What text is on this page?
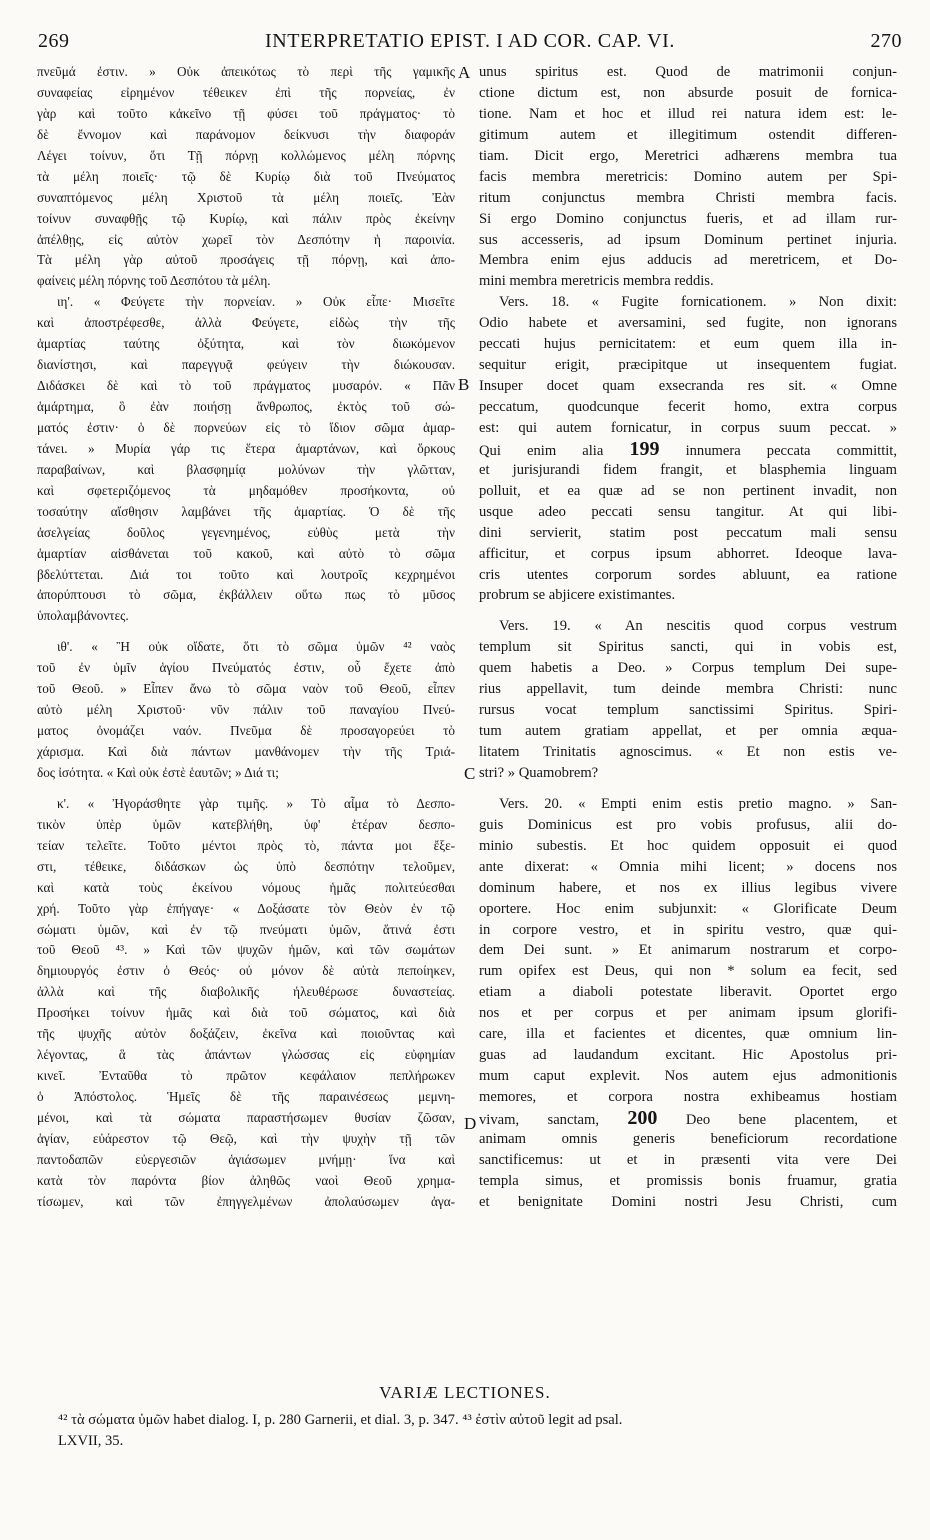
269	INTERPRETATIO EPIST. I AD COR. CAP. VI.	270
πνεῦμά ἐστιν. » Οὐκ ἀπεικότως τὸ περὶ τῆς γαμικῆς
συναφείας εἰρημένον τέθεικεν ἐπὶ τῆς πορνείας, ἐν
γὰρ καὶ τοῦτο κἀκεῖνο τῇ φύσει τοῦ πράγματος· τὸ
δὲ ἔννομον καὶ παράνομον δείκνυσι τὴν διαφοράν
Λέγει τοίνυν, ὅτι Τῇ πόρνῃ κολλώμενος μέλη πόρνης
τὰ μέλη ποιεῖς· τῷ δὲ Κυρίῳ διὰ τοῦ Πνεύματος
συναπτόμενος μέλη Χριστοῦ τὰ μέλη ποιεῖς. Ἐὰν
τοίνυν συναφθῇς τῷ Κυρίῳ, καὶ πάλιν πρὸς ἐκείνην
ἀπέλθῃς, εἰς αὐτὸν χωρεῖ τὸν Δεσπότην ἡ παροινία.
Τὰ μέλη γὰρ αὐτοῦ προσάγεις τῇ πόρνῃ, καὶ ἀπο-
φαίνεις μέλη πόρνης τοῦ Δεσπότου τὰ μέλη.
ιη'. « Φεύγετε τὴν πορνείαν. » Οὐκ εἶπε· Μισεῖτε
καὶ ἀποστρέφεσθε, ἀλλὰ Φεύγετε, εἰδὼς τὴν τῆς
ἁμαρτίας ταύτης ὀξύτητα, καὶ τὸν διωκόμενον
διανίστησι, καὶ παρεγγυᾷ φεύγειν τὴν διώκουσαν.
Διδάσκει δὲ καὶ τὸ τοῦ πράγματος μυσαρόν. « Πᾶν
ἁμάρτημα, ὃ ἐὰν ποιήσῃ ἄνθρωπος, ἐκτὸς τοῦ σώ-
ματός ἐστιν· ὁ δὲ πορνεύων εἰς τὸ ἴδιον σῶμα ἁμαρ-
τάνει. » Μυρία γάρ τις ἕτερα ἁμαρτάνων, καὶ ὅρκους
παραβαίνων, καὶ βλασφημίᾳ μολύνων τὴν γλῶτταν,
καὶ σφετεριζόμενος τὰ μηδαμόθεν προσήκοντα, οὐ
τοσαύτην αἴσθησιν λαμβάνει τῆς ἁμαρτίας. Ὁ δὲ τῆς
ἀσελγείας δοῦλος γεγενημένος, εὐθὺς μετὰ τὴν
ἁμαρτίαν αἰσθάνεται τοῦ κακοῦ, καὶ αὐτὸ τὸ σῶμα
βδελύττεται. Διά τοι τοῦτο καὶ λουτροῖς κεχρημένοι
ἀπορύπτουσι τὸ σῶμα, ἐκβάλλειν οὕτω πως τὸ μῦσος
ὑπολαμβάνοντες.
ιθ'. « Ἢ οὐκ οἴδατε, ὅτι τὸ σῶμα ὑμῶν ⁴² ναὸς
τοῦ ἐν ὑμῖν ἁγίου Πνεύματός ἐστιν, οὗ ἔχετε ἀπὸ
τοῦ Θεοῦ. » Εἶπεν ἄνω τὸ σῶμα ναὸν τοῦ Θεοῦ, εἶπεν
αὐτὸ μέλη Χριστοῦ· νῦν πάλιν τοῦ παναγίου Πνεύ-
ματος ὀνομάζει ναόν. Πνεῦμα δὲ προσαγορεύει τὸ
χάρισμα. Καὶ διὰ πάντων μανθάνομεν τὴν τῆς Τριά-
δος ἰσότητα. « Καὶ οὐκ ἐστὲ ἑαυτῶν; » Διά τι;
κ'. « Ἠγοράσθητε γὰρ τιμῆς. » Τὸ αἷμα τὸ Δεσπο-
τικὸν ὑπὲρ ὑμῶν κατεβλήθη, ὑφ' ἑτέραν δεσπο-
τείαν τελεῖτε. Τοῦτο μέντοι πρὸς τὸ, πάντα μοι ἔξε-
στι, τέθεικε, διδάσκων ὡς ὑπὸ δεσπότην τελοῦμεν,
καὶ κατὰ τοὺς ἐκείνου νόμους ἡμᾶς πολιτεύεσθαι
χρή. Τοῦτο γὰρ ἐπήγαγε· « Δοξάσατε τὸν Θεὸν ἐν τῷ
σώματι ὑμῶν, καὶ ἐν τῷ πνεύματι ὑμῶν, ἅτινά ἐστι
τοῦ Θεοῦ ⁴³. » Καὶ τῶν ψυχῶν ἡμῶν, καὶ τῶν σωμάτων
δημιουργός ἐστιν ὁ Θεός· οὐ μόνον δὲ αὐτὰ πεποίηκεν,
ἀλλὰ καὶ τῆς διαβολικῆς ἠλευθέρωσε δυναστείας.
Προσήκει τοίνυν ἡμᾶς καὶ διὰ τοῦ σώματος, καὶ διὰ
τῆς ψυχῆς αὐτὸν δοξάζειν, ἐκεῖνα καὶ ποιοῦντας καὶ
λέγοντας, ἃ τὰς ἁπάντων γλώσσας εἰς εὐφημίαν
κινεῖ. Ἐνταῦθα τὸ πρῶτον κεφάλαιον πεπλήρωκεν
ὁ Ἀπόστολος. Ἡμεῖς δὲ τῆς παραινέσεως μεμνη-
μένοι, καὶ τὰ σώματα παραστήσωμεν θυσίαν ζῶσαν,
ἁγίαν, εὐάρεστον τῷ Θεῷ, καὶ τὴν ψυχὴν τῇ τῶν
παντοδαπῶν εὐεργεσιῶν ἁγιάσωμεν μνήμῃ· ἵνα καὶ
κατὰ τὸν παρόντα βίον ἀληθῶς ναοὶ Θεοῦ χρημα-
τίσωμεν, καὶ τῶν ἐπηγγελμένων ἀπολαύσωμεν ἀγα-
unus spiritus est. Quod de matrimonii conjun-
ctione dictum est, non absurde posuit de fornica-
tione. Nam et hoc et illud rei natura idem est: le-
gitimum autem et illegitimum ostendit differen-
tiam. Dicit ergo, Meretrici adhærens membra tua
facis membra meretricis: Domino autem per Spi-
ritum conjunctus membra Christi membra facis.
Si ergo Domino conjunctus fueris, et ad illam rur-
sus accesseris, ad ipsum Dominum pertinet injuria.
Membra enim ejus adducis ad meretricem, et Do-
mini membra meretricis membra reddis.
Vers. 18. « Fugite fornicationem. » Non dixit:
Odio habete et aversamini, sed fugite, non ignorans
peccati hujus pernicitatem: et eum quem illa in-
sequitur erigit, præcipitque ut insequentem fugiat.
Insuper docet quam exsecranda res sit. « Omne
peccatum, quodcunque fecerit homo, extra corpus
est: qui autem fornicatur, in corpus suum peccat. »
Qui enim alia 199 innumera peccata committit,
et jurisjurandi fidem frangit, et blasphemia linguam
polluit, et ea quæ ad se non pertinent invadit, non
usque adeo peccati sensu tangitur. At qui libi-
dini servierit, statim post peccatum mali sensu
afficitur, et corpus ipsum abhorret. Ideoque lava-
cris utentes corporum sordes abluunt, ea ratione
probrum se abjicere existimantes.
Vers. 19. « An nescitis quod corpus vestrum
templum sit Spiritus sancti, qui in vobis est,
quem habetis a Deo. » Corpus templum Dei supe-
rius appellavit, tum deinde membra Christi: nunc
rursus vocat templum sanctissimi Spiritus. Spiri-
tum autem gratiam appellat, et per omnia æqua-
litatem Trinitatis agnoscimus. « Et non estis ve-
stri? » Quamobrem?
Vers. 20. « Empti enim estis pretio magno. » San-
guis Dominicus est pro vobis profusus, alii do-
minio subestis. Et hoc quidem opposuit ei quod
ante dixerat: « Omnia mihi licent; » docens nos
dominum habere, et nos ex illius legibus vivere
oportere. Hoc enim subjunxit: « Glorificate Deum
in corpore vestro, et in spiritu vestro, quæ qui-
dem Dei sunt. » Et animarum nostrarum et corpo-
rum opifex est Deus, qui non * solum ea fecit, sed
etiam a diaboli potestate liberavit. Oportet ergo
nos et per corpus et per animam ipsum glorifi-
care, illa et facientes et dicentes, quæ omnium lin-
guas ad laudandum excitant. Hic Apostolus pri-
mum caput explevit. Nos autem ejus admonitionis
memores, et corpora nostra exhibeamus hostiam
vivam, sanctam, 200 Deo bene placentem, et
animam omnis generis beneficiorum recordatione
sanctificemus: ut et in præsenti vita vere Dei
templa simus, et promissis bonis fruamur, gratia
et benignitate Domini nostri Jesu Christi, cum
A
B
C
D
VARIÆ LECTIONES.
⁴² τὰ σώματα ὑμῶν habet dialog. I, p. 280 Garnerii, et dial. 3, p. 347. ⁴³ ἐστὶν αὐτοῦ legit ad psal.
LXVII, 35.
